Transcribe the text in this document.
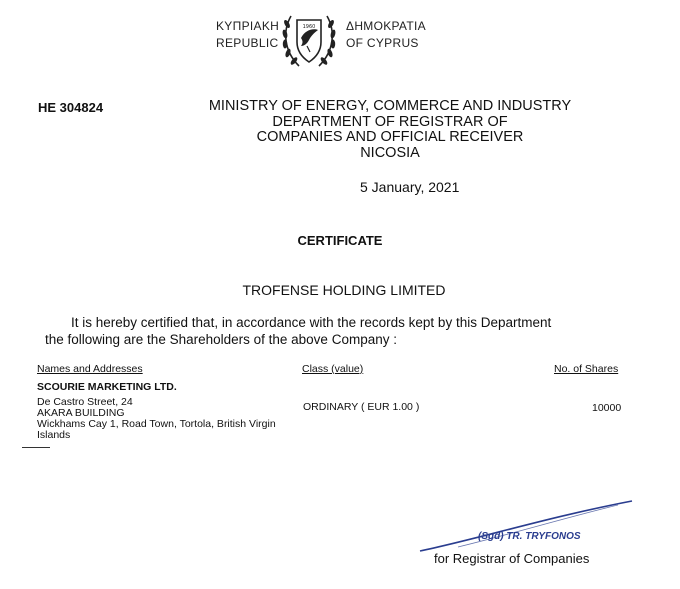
ΚΥΠΡΙΑΚΗ
REPUBLIC
1960	ΔΗΜΟΚΡΑΤΙΑ
OF CYPRUS
HE 304824	MINISTRY OF ENERGY, COMMERCE AND INDUSTRY
DEPARTMENT OF REGISTRAR OF
COMPANIES AND OFFICIAL RECEIVER
NICOSIA
5 January, 2021
CERTIFICATE
TROFENSE HOLDING LIMITED
It is hereby certified that, in accordance with the records kept by this Department
the following are the Shareholders of the above Company :
Names and Addresses	Class (value)	No. of Shares
SCOURIE MARKETING LTD.
De Castro Street, 24
AKARA BUILDING
Wickhams Cay 1, Road Town, Tortola, British Virgin
Islands
ORDINARY ( EUR 1.00 )	10000
(Sgd) TR. TRYFONOS
for Registrar of Companies
